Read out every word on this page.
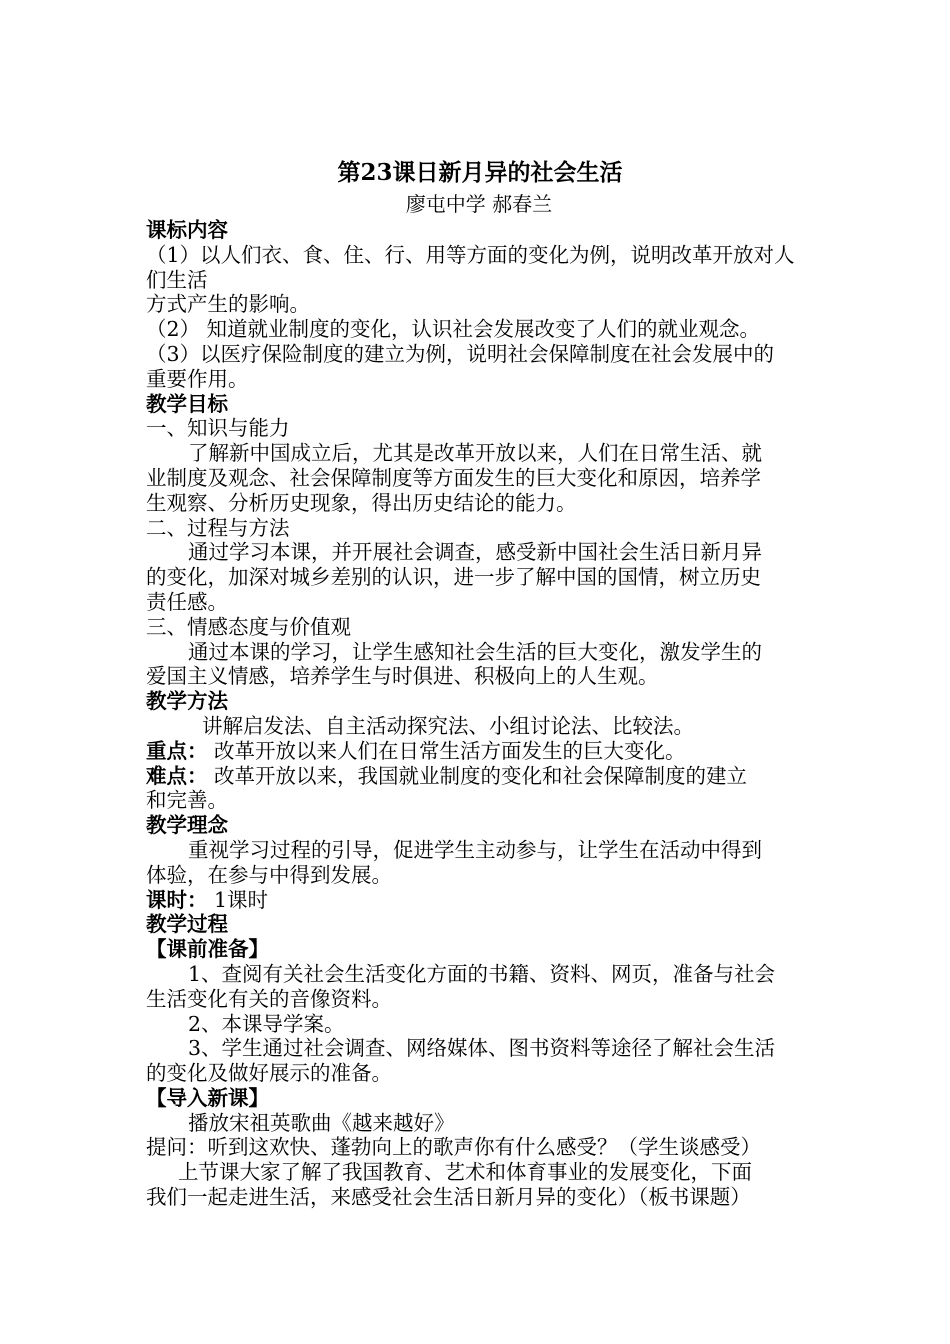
第23课日新月异的社会生活
廖屯中学 郝春兰
课标内容
（1）以人们衣、食、住、行、用等方面的变化为例，说明改革开放对人
们生活
方式产生的影响。
（2） 知道就业制度的变化，认识社会发展改变了人们的就业观念。
（3）以医疗保险制度的建立为例，说明社会保障制度在社会发展中的
重要作用。
教学目标
一、知识与能力
了解新中国成立后，尤其是改革开放以来，人们在日常生活、就
业制度及观念、社会保障制度等方面发生的巨大变化和原因，培养学
生观察、分析历史现象，得出历史结论的能力。
二、过程与方法
通过学习本课，并开展社会调查，感受新中国社会生活日新月异
的变化，加深对城乡差别的认识，进一步了解中国的国情，树立历史
责任感。
三、情感态度与价值观
通过本课的学习，让学生感知社会生活的巨大变化，激发学生的
爱国主义情感，培养学生与时俱进、积极向上的人生观。
教学方法
讲解启发法、自主活动探究法、小组讨论法、比较法。
重点： 改革开放以来人们在日常生活方面发生的巨大变化。
难点： 改革开放以来，我国就业制度的变化和社会保障制度的建立
和完善。
教学理念
重视学习过程的引导，促进学生主动参与，让学生在活动中得到
体验，在参与中得到发展。
课时： 1课时
教学过程
【课前准备】
1、查阅有关社会生活变化方面的书籍、资料、网页，准备与社会
生活变化有关的音像资料。
2、本课导学案。
3、学生通过社会调查、网络媒体、图书资料等途径了解社会生活
的变化及做好展示的准备。
【导入新课】
播放宋祖英歌曲《越来越好》
提问：听到这欢快、蓬勃向上的歌声你有什么感受？（学生谈感受）
上节课大家了解了我国教育、艺术和体育事业的发展变化，下面
我们一起走进生活，来感受社会生活日新月异的变化）（板书课题）
